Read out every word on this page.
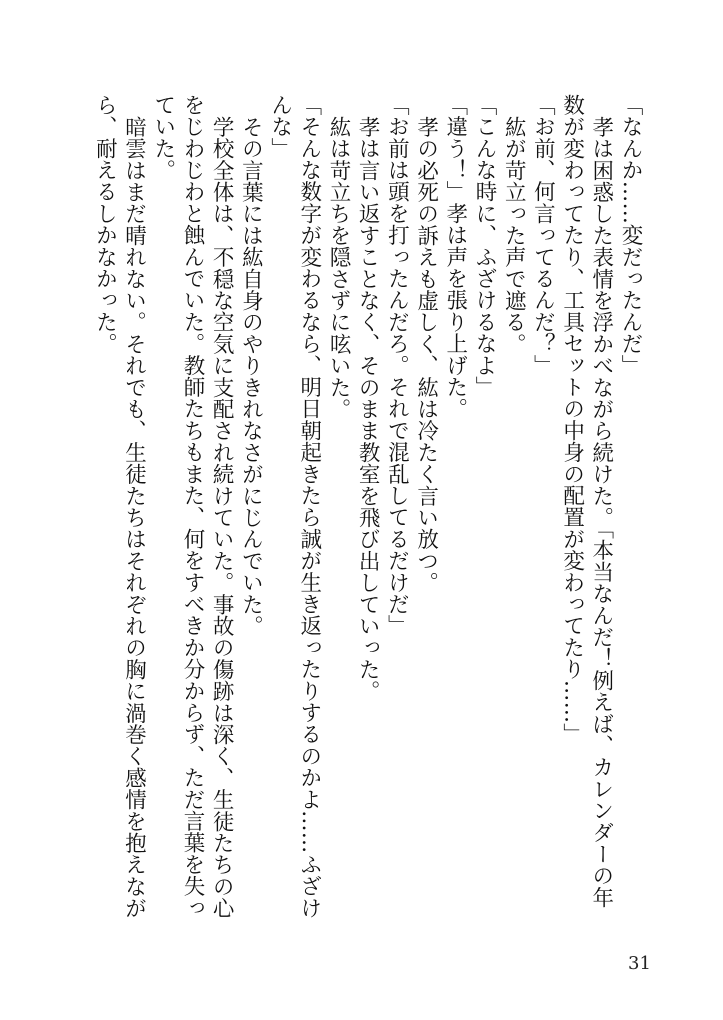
「なんか……変だったんだ」

孝は困惑した表情を浮かべながら続けた。「本当なんだ！例えば、カレンダーの年数が変わってたり、工具セットの中身の配置が変わってたり……」

「お前、何言ってるんだ？」

紘が苛立った声で遮る。

「こんな時に、ふざけるなよ」

「違う！」孝は声を張り上げた。

孝の必死の訴えも虚しく、紘は冷たく言い放つ。

「お前は頭を打ったんだろ。それで混乱してるだけだ」

孝は言い返すことなく、そのまま教室を飛び出していった。

紘は苛立ちを隠さずに呟いた。

「そんな数字が変わるなら、明日朝起きたら誠が生き返ったりするのかよ……ふざけんな」

その言葉には紘自身のやりきれなさがにじんでいた。

学校全体は、不穏な空気に支配され続けていた。事故の傷跡は深く、生徒たちの心をじわじわと蝕んでいた。教師たちもまた、何をすべきか分からず、ただ言葉を失っていた。

暗雲はまだ晴れない。それでも、生徒たちはそれぞれの胸に渦巻く感情を抱えながら、耐えるしかなかった。

31
